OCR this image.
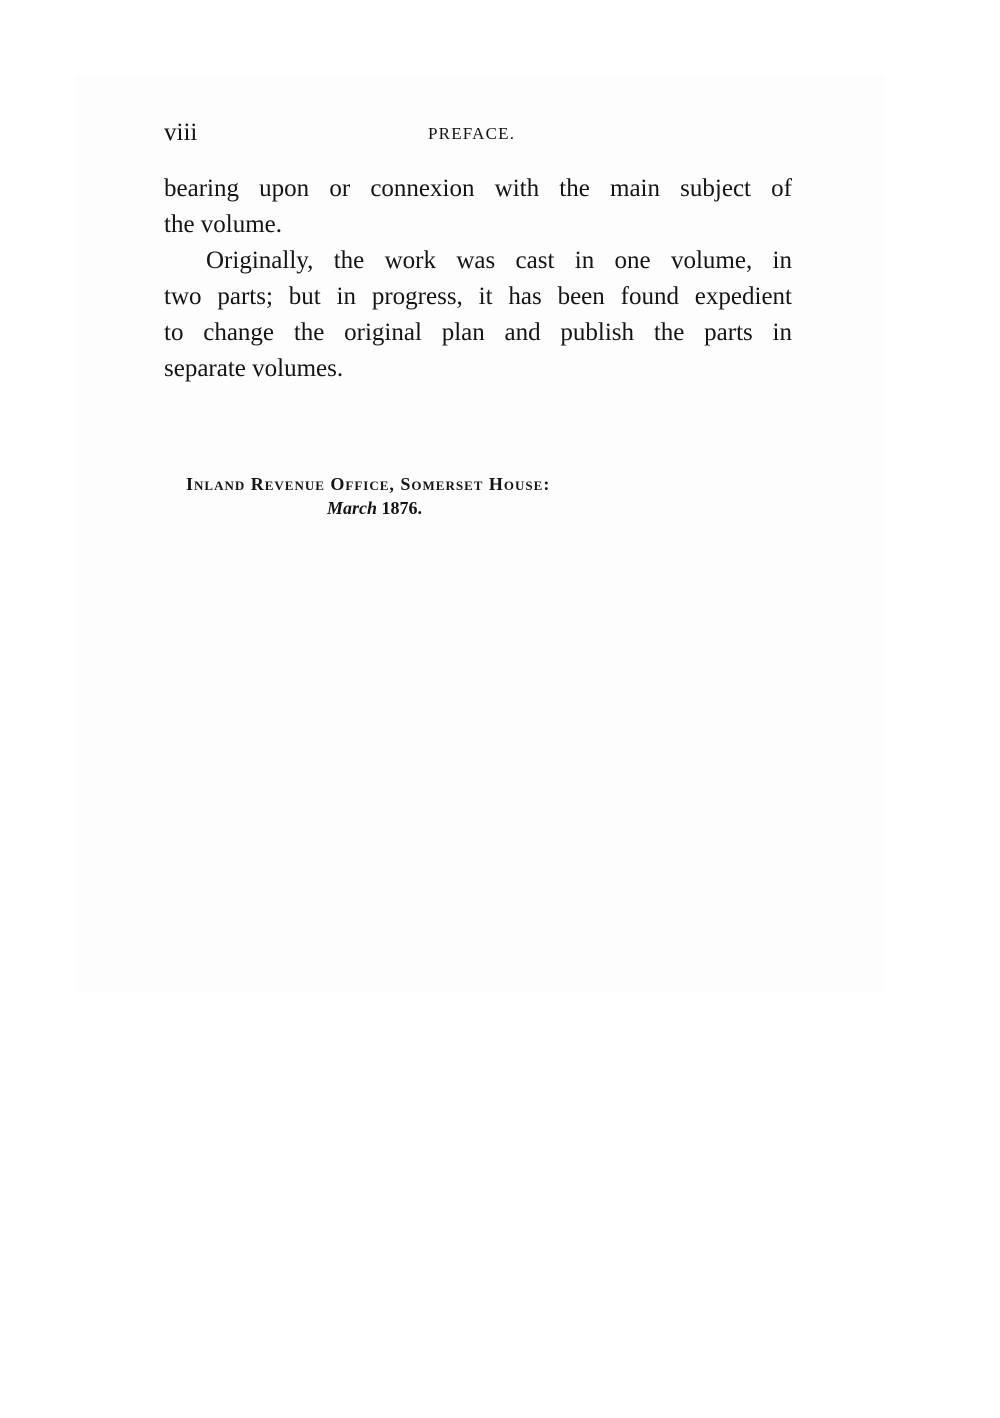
viii	PREFACE.

bearing upon or connexion with the main subject of
the volume.

Originally, the work was cast in one volume, in
two parts; but in progress, it has been found expedient
to change the original plan and publish the parts in
separate volumes.

Inland Revenue Office, Somerset House:
March 1876.
